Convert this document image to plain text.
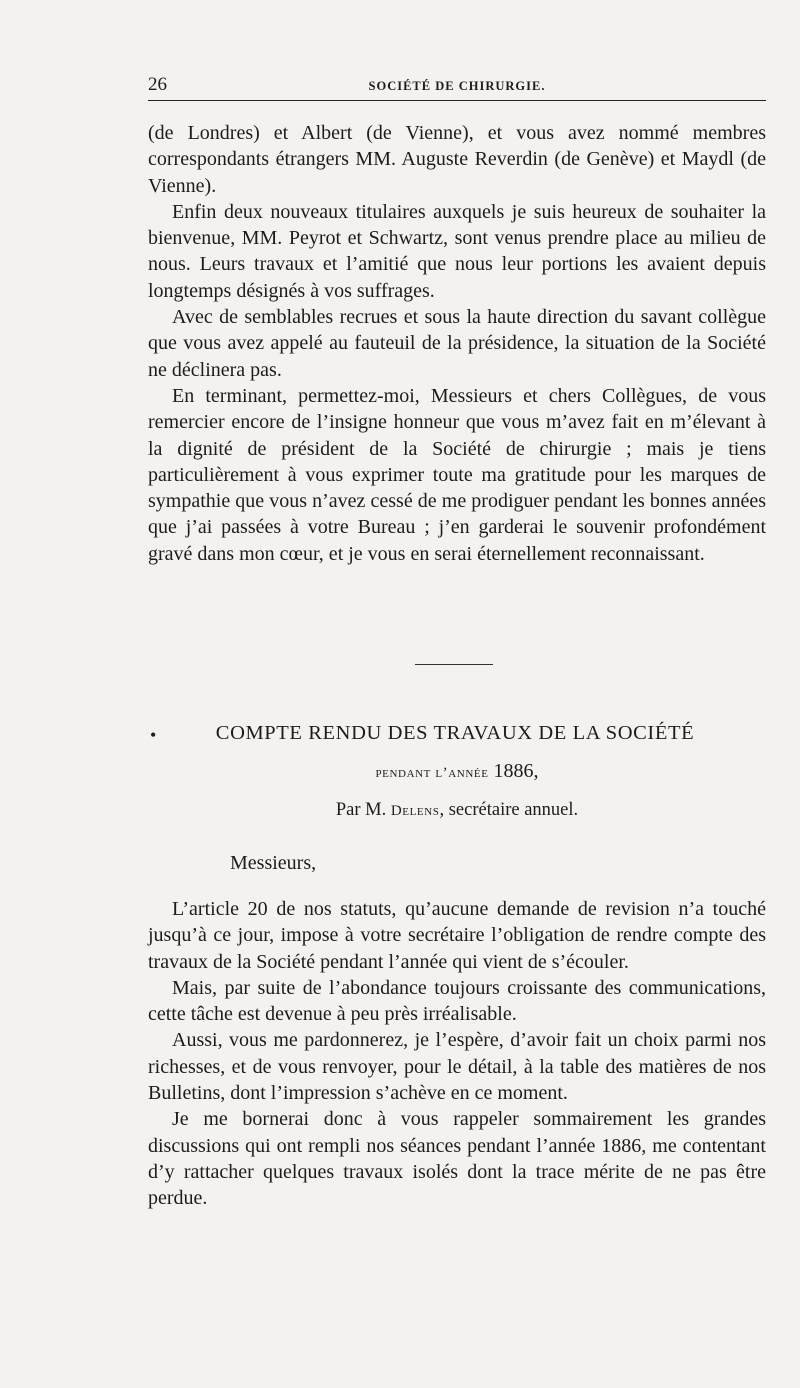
26	SOCIÉTÉ DE CHIRURGIE.

(de Londres) et Albert (de Vienne), et vous avez nommé membres correspondants étrangers MM. Auguste Reverdin (de Genève) et Maydl (de Vienne).

Enfin deux nouveaux titulaires auxquels je suis heureux de souhaiter la bienvenue, MM. Peyrot et Schwartz, sont venus prendre place au milieu de nous. Leurs travaux et l’amitié que nous leur portions les avaient depuis longtemps désignés à vos suffrages.

Avec de semblables recrues et sous la haute direction du savant collègue que vous avez appelé au fauteuil de la présidence, la situation de la Société ne déclinera pas.

En terminant, permettez-moi, Messieurs et chers Collègues, de vous remercier encore de l’insigne honneur que vous m’avez fait en m’élevant à la dignité de président de la Société de chirurgie ; mais je tiens particulièrement à vous exprimer toute ma gratitude pour les marques de sympathie que vous n’avez cessé de me prodiguer pendant les bonnes années que j’ai passées à votre Bureau ; j’en garderai le souvenir profondément gravé dans mon cœur, et je vous en serai éternellement reconnaissant.

•	COMPTE RENDU DES TRAVAUX DE LA SOCIÉTÉ
pendant l’année 1886,
Par M. Delens, secrétaire annuel.
Messieurs,

L’article 20 de nos statuts, qu’aucune demande de revision n’a touché jusqu’à ce jour, impose à votre secrétaire l’obligation de rendre compte des travaux de la Société pendant l’année qui vient de s’écouler.

Mais, par suite de l’abondance toujours croissante des communications, cette tâche est devenue à peu près irréalisable.

Aussi, vous me pardonnerez, je l’espère, d’avoir fait un choix parmi nos richesses, et de vous renvoyer, pour le détail, à la table des matières de nos Bulletins, dont l’impression s’achève en ce moment.

Je me bornerai donc à vous rappeler sommairement les grandes discussions qui ont rempli nos séances pendant l’année 1886, me contentant d’y rattacher quelques travaux isolés dont la trace mérite de ne pas être perdue.
